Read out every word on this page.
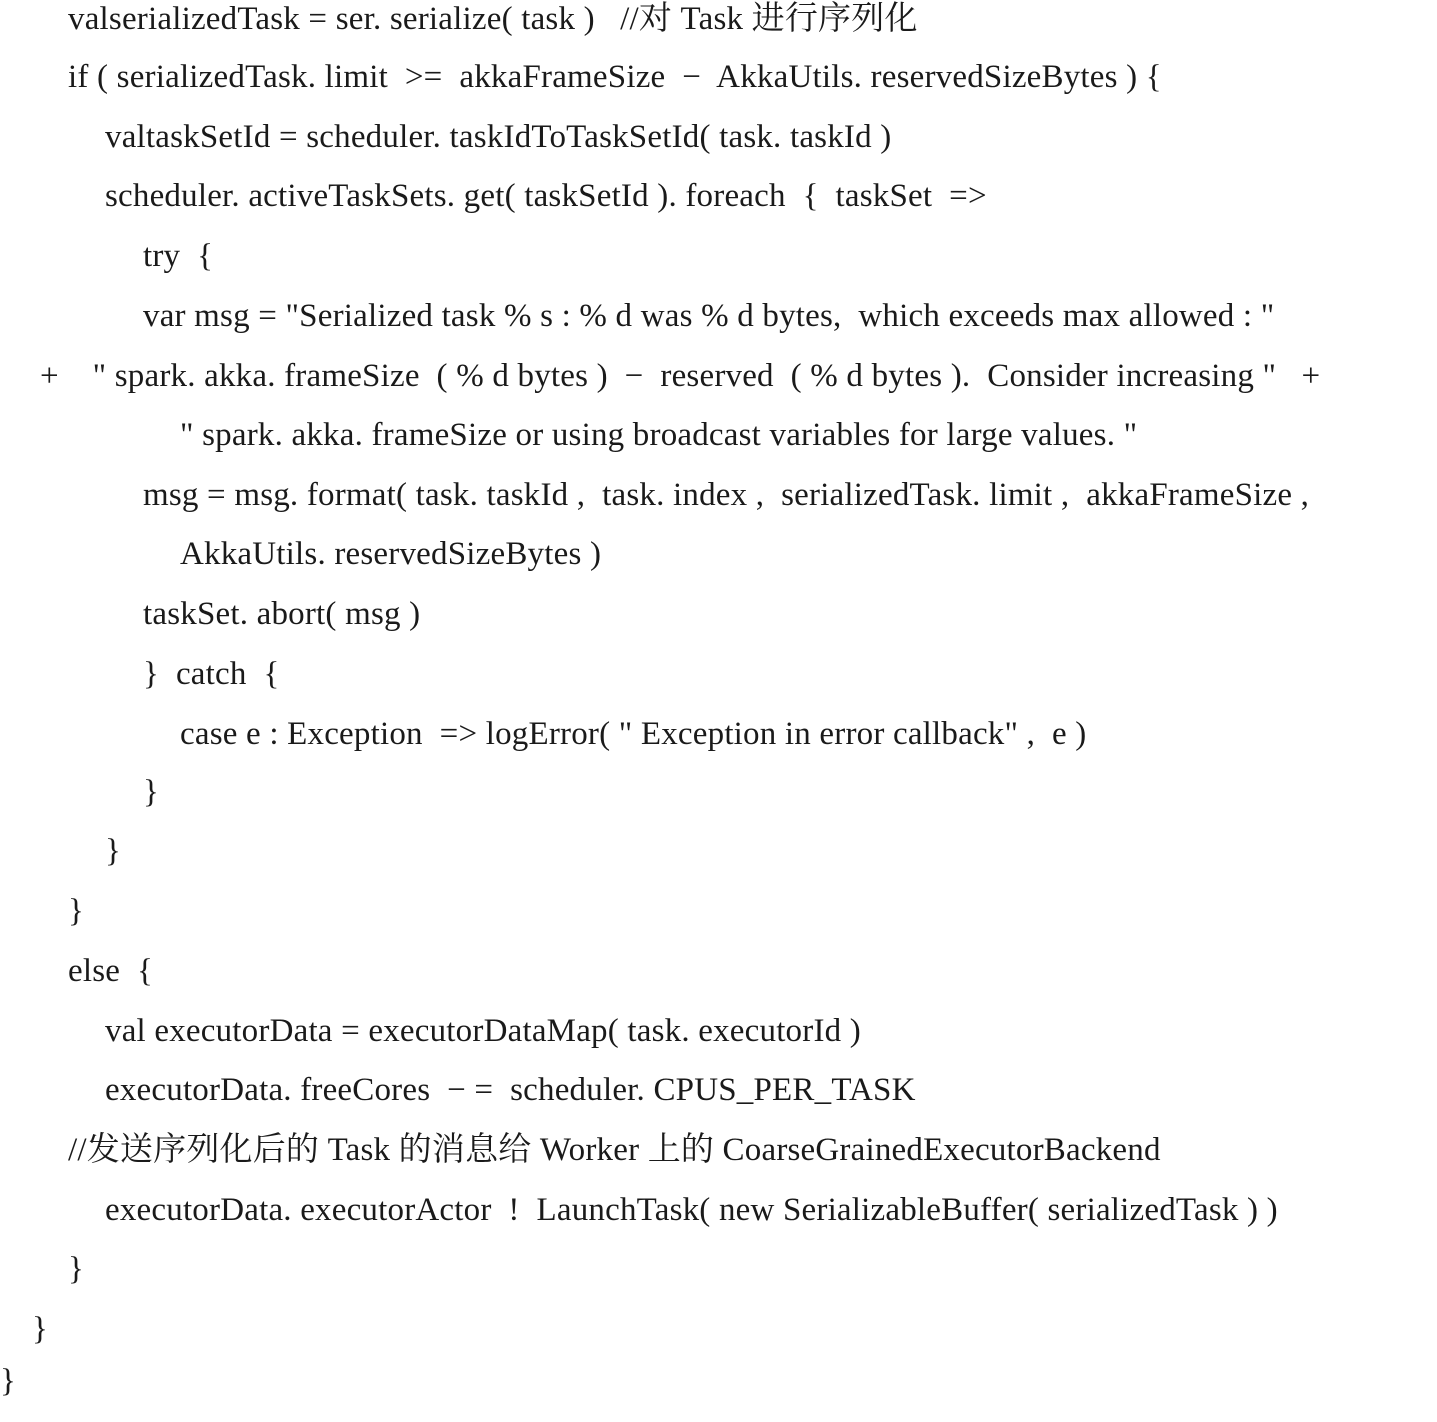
valserializedTask = ser. serialize( task )   //对 Task 进行序列化
if ( serializedTask. limit  >=  akkaFrameSize  −  AkkaUtils. reservedSizeBytes ) {
valtaskSetId = scheduler. taskIdToTaskSetId( task. taskId )
scheduler. activeTaskSets. get( taskSetId ). foreach  {  taskSet  =>
try  {
var msg = "Serialized task % s : % d was % d bytes,  which exceeds max allowed : "
+    " spark. akka. frameSize  ( % d bytes )  −  reserved  ( % d bytes ).  Consider increasing "   +
" spark. akka. frameSize or using broadcast variables for large values. "
msg = msg. format( task. taskId ,  task. index ,  serializedTask. limit ,  akkaFrameSize ,
AkkaUtils. reservedSizeBytes )
taskSet. abort( msg )
}  catch  {
case e : Exception  => logError( " Exception in error callback" ,  e )
}
}
}
else  {
val executorData = executorDataMap( task. executorId )
executorData. freeCores  − =  scheduler. CPUS_PER_TASK
//发送序列化后的 Task 的消息给 Worker 上的 CoarseGrainedExecutorBackend
executorData. executorActor  !  LaunchTask( new SerializableBuffer( serializedTask ) )
}
}
}
